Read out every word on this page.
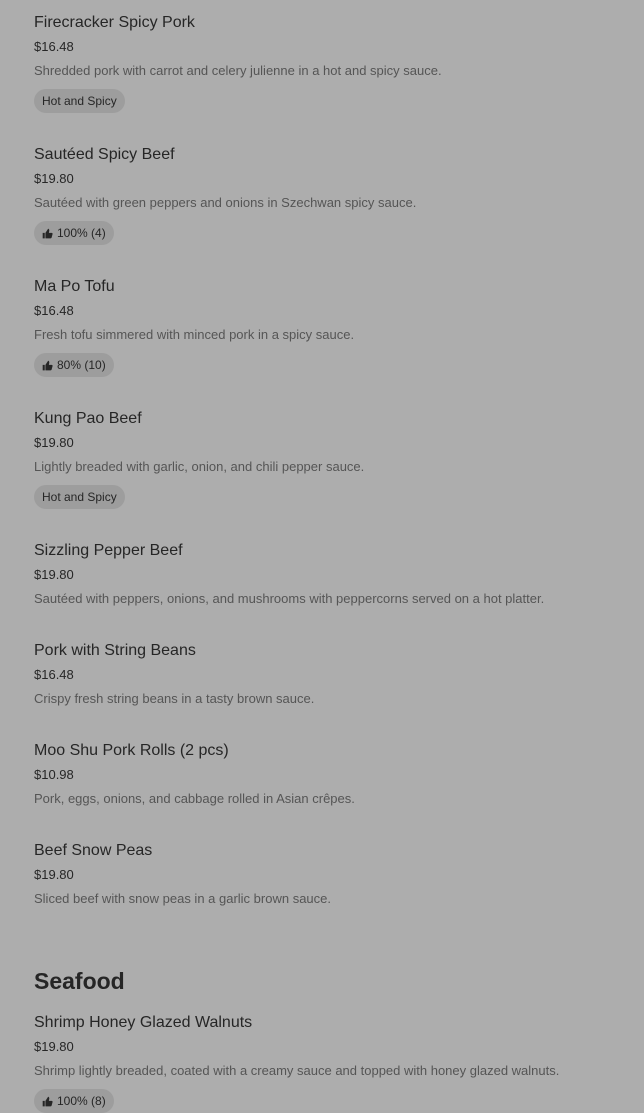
Firecracker Spicy Pork
$16.48
Shredded pork with carrot and celery julienne in a hot and spicy sauce.
Hot and Spicy
Sautéed Spicy Beef
$19.80
Sautéed with green peppers and onions in Szechwan spicy sauce.
100% (4)
Ma Po Tofu
$16.48
Fresh tofu simmered with minced pork in a spicy sauce.
80% (10)
Kung Pao Beef
$19.80
Lightly breaded with garlic, onion, and chili pepper sauce.
Hot and Spicy
Sizzling Pepper Beef
$19.80
Sautéed with peppers, onions, and mushrooms with peppercorns served on a hot platter.
Pork with String Beans
$16.48
Crispy fresh string beans in a tasty brown sauce.
Moo Shu Pork Rolls (2 pcs)
$10.98
Pork, eggs, onions, and cabbage rolled in Asian crêpes.
Beef Snow Peas
$19.80
Sliced beef with snow peas in a garlic brown sauce.
Seafood
Shrimp Honey Glazed Walnuts
$19.80
Shrimp lightly breaded, coated with a creamy sauce and topped with honey glazed walnuts.
100% (8)
